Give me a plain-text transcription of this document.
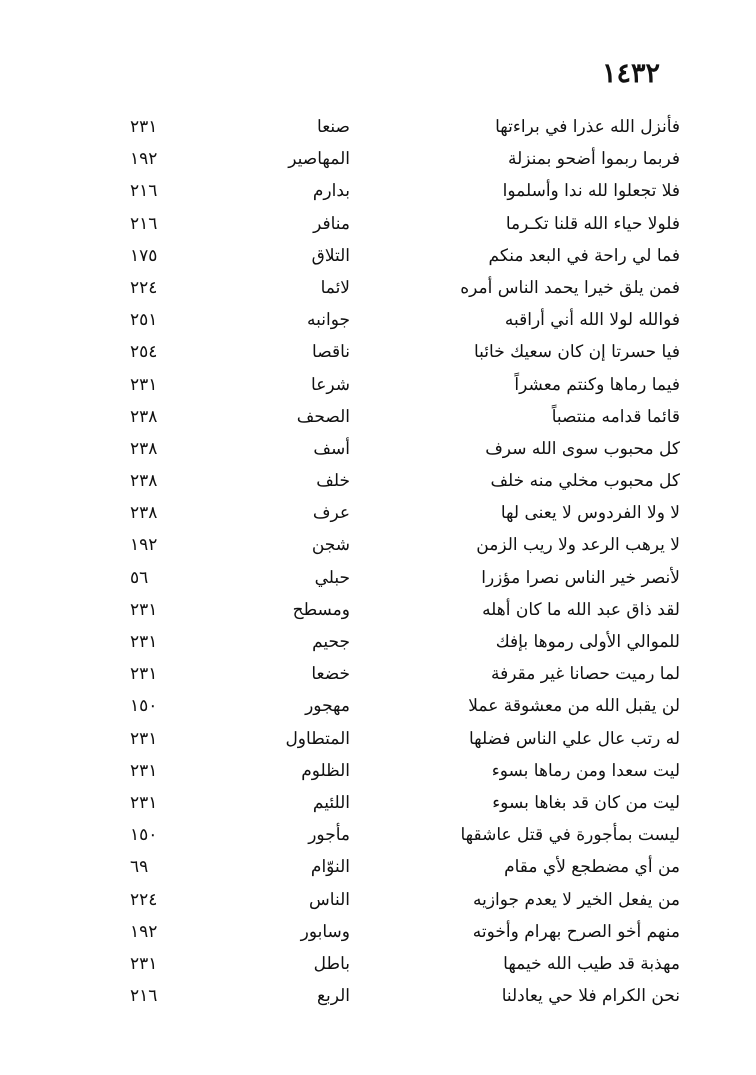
١٤٣٢
فأنزل الله عذرا في براءتها
صنعا
٢٣١
فربما ربموا أضحو بمنزلة
المهاصير
١٩٢
فلا تجعلوا لله ندا وأسلموا
بدارم
٢١٦
فلولا حياء الله قلنا تكـرما
منافر
٢١٦
فما لي راحة في البعد منكم
التلاق
١٧٥
فمن يلق خيرا يحمد الناس أمره
لائما
٢٢٤
فوالله لولا الله أني أراقبه
جوانبه
٢٥١
فيا حسرتا إن كان سعيك خائبا
ناقصا
٢٥٤
فيما رماها وكنتم معشراً
شرعا
٢٣١
قائما قدامه منتصباً
الصحف
٢٣٨
كل محبوب سوى الله سرف
أسف
٢٣٨
كل محبوب مخلي منه خلف
خلف
٢٣٨
لا ولا الفردوس لا يعنى لها
عرف
٢٣٨
لا يرهب الرعد ولا ريب الزمن
شجن
١٩٢
لأنصر خير الناس نصرا مؤزرا
حبلي
٥٦
لقد ذاق عبد الله ما كان أهله
ومسطح
٢٣١
للموالي الأولى رموها بإفك
جحيم
٢٣١
لما رميت حصانا غير مقرفة
خضعا
٢٣١
لن يقبل الله من معشوقة عملا
مهجور
١٥٠
له رتب عال علي الناس فضلها
المتطاول
٢٣١
ليت سعدا ومن رماها بسوء
الظلوم
٢٣١
ليت من كان قد بغاها بسوء
اللئيم
٢٣١
ليست بمأجورة في قتل عاشقها
مأجور
١٥٠
من أي مضطجع لأي مقام
النوّام
٦٩
من يفعل الخير لا يعدم جوازيه
الناس
٢٢٤
منهم أخو الصرح بهرام وأخوته
وسابور
١٩٢
مهذبة قد طيب الله خيمها
باطل
٢٣١
نحن الكرام فلا حي يعادلنا
الربع
٢١٦
